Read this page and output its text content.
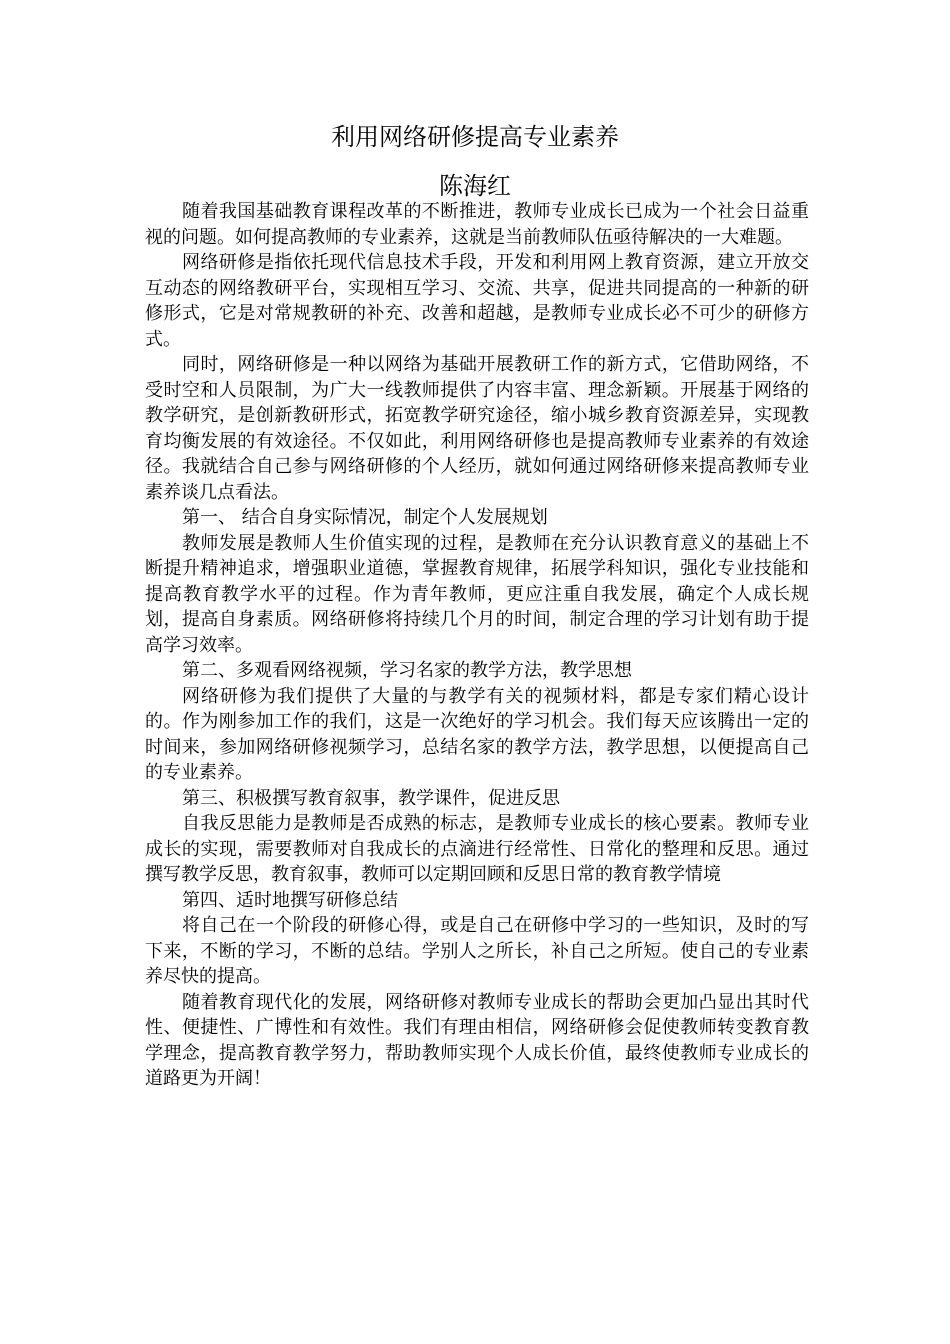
利用网络研修提高专业素养
陈海红

随着我国基础教育课程改革的不断推进，教师专业成长已成为一个社会日益重视的问题。如何提高教师的专业素养，这就是当前教师队伍亟待解决的一大难题。

网络研修是指依托现代信息技术手段，开发和利用网上教育资源，建立开放交互动态的网络教研平台，实现相互学习、交流、共享，促进共同提高的一种新的研修形式，它是对常规教研的补充、改善和超越，是教师专业成长必不可少的研修方式。

同时，网络研修是一种以网络为基础开展教研工作的新方式，它借助网络，不受时空和人员限制，为广大一线教师提供了内容丰富、理念新颖。开展基于网络的教学研究，是创新教研形式，拓宽教学研究途径，缩小城乡教育资源差异，实现教育均衡发展的有效途径。不仅如此，利用网络研修也是提高教师专业素养的有效途径。我就结合自己参与网络研修的个人经历，就如何通过网络研修来提高教师专业素养谈几点看法。

第一、 结合自身实际情况，制定个人发展规划

教师发展是教师人生价值实现的过程，是教师在充分认识教育意义的基础上不断提升精神追求，增强职业道德，掌握教育规律，拓展学科知识，强化专业技能和提高教育教学水平的过程。作为青年教师，更应注重自我发展，确定个人成长规划，提高自身素质。网络研修将持续几个月的时间，制定合理的学习计划有助于提高学习效率。

第二、多观看网络视频，学习名家的教学方法，教学思想

网络研修为我们提供了大量的与教学有关的视频材料，都是专家们精心设计的。作为刚参加工作的我们，这是一次绝好的学习机会。我们每天应该腾出一定的时间来，参加网络研修视频学习，总结名家的教学方法，教学思想，以便提高自己的专业素养。

第三、积极撰写教育叙事，教学课件，促进反思

自我反思能力是教师是否成熟的标志，是教师专业成长的核心要素。教师专业成长的实现，需要教师对自我成长的点滴进行经常性、日常化的整理和反思。通过撰写教学反思，教育叙事，教师可以定期回顾和反思日常的教育教学情境

第四、适时地撰写研修总结

将自己在一个阶段的研修心得，或是自己在研修中学习的一些知识，及时的写下来，不断的学习，不断的总结。学别人之所长，补自己之所短。使自己的专业素养尽快的提高。

随着教育现代化的发展，网络研修对教师专业成长的帮助会更加凸显出其时代性、便捷性、广博性和有效性。我们有理由相信，网络研修会促使教师转变教育教学理念，提高教育教学努力，帮助教师实现个人成长价值，最终使教师专业成长的道路更为开阔！
